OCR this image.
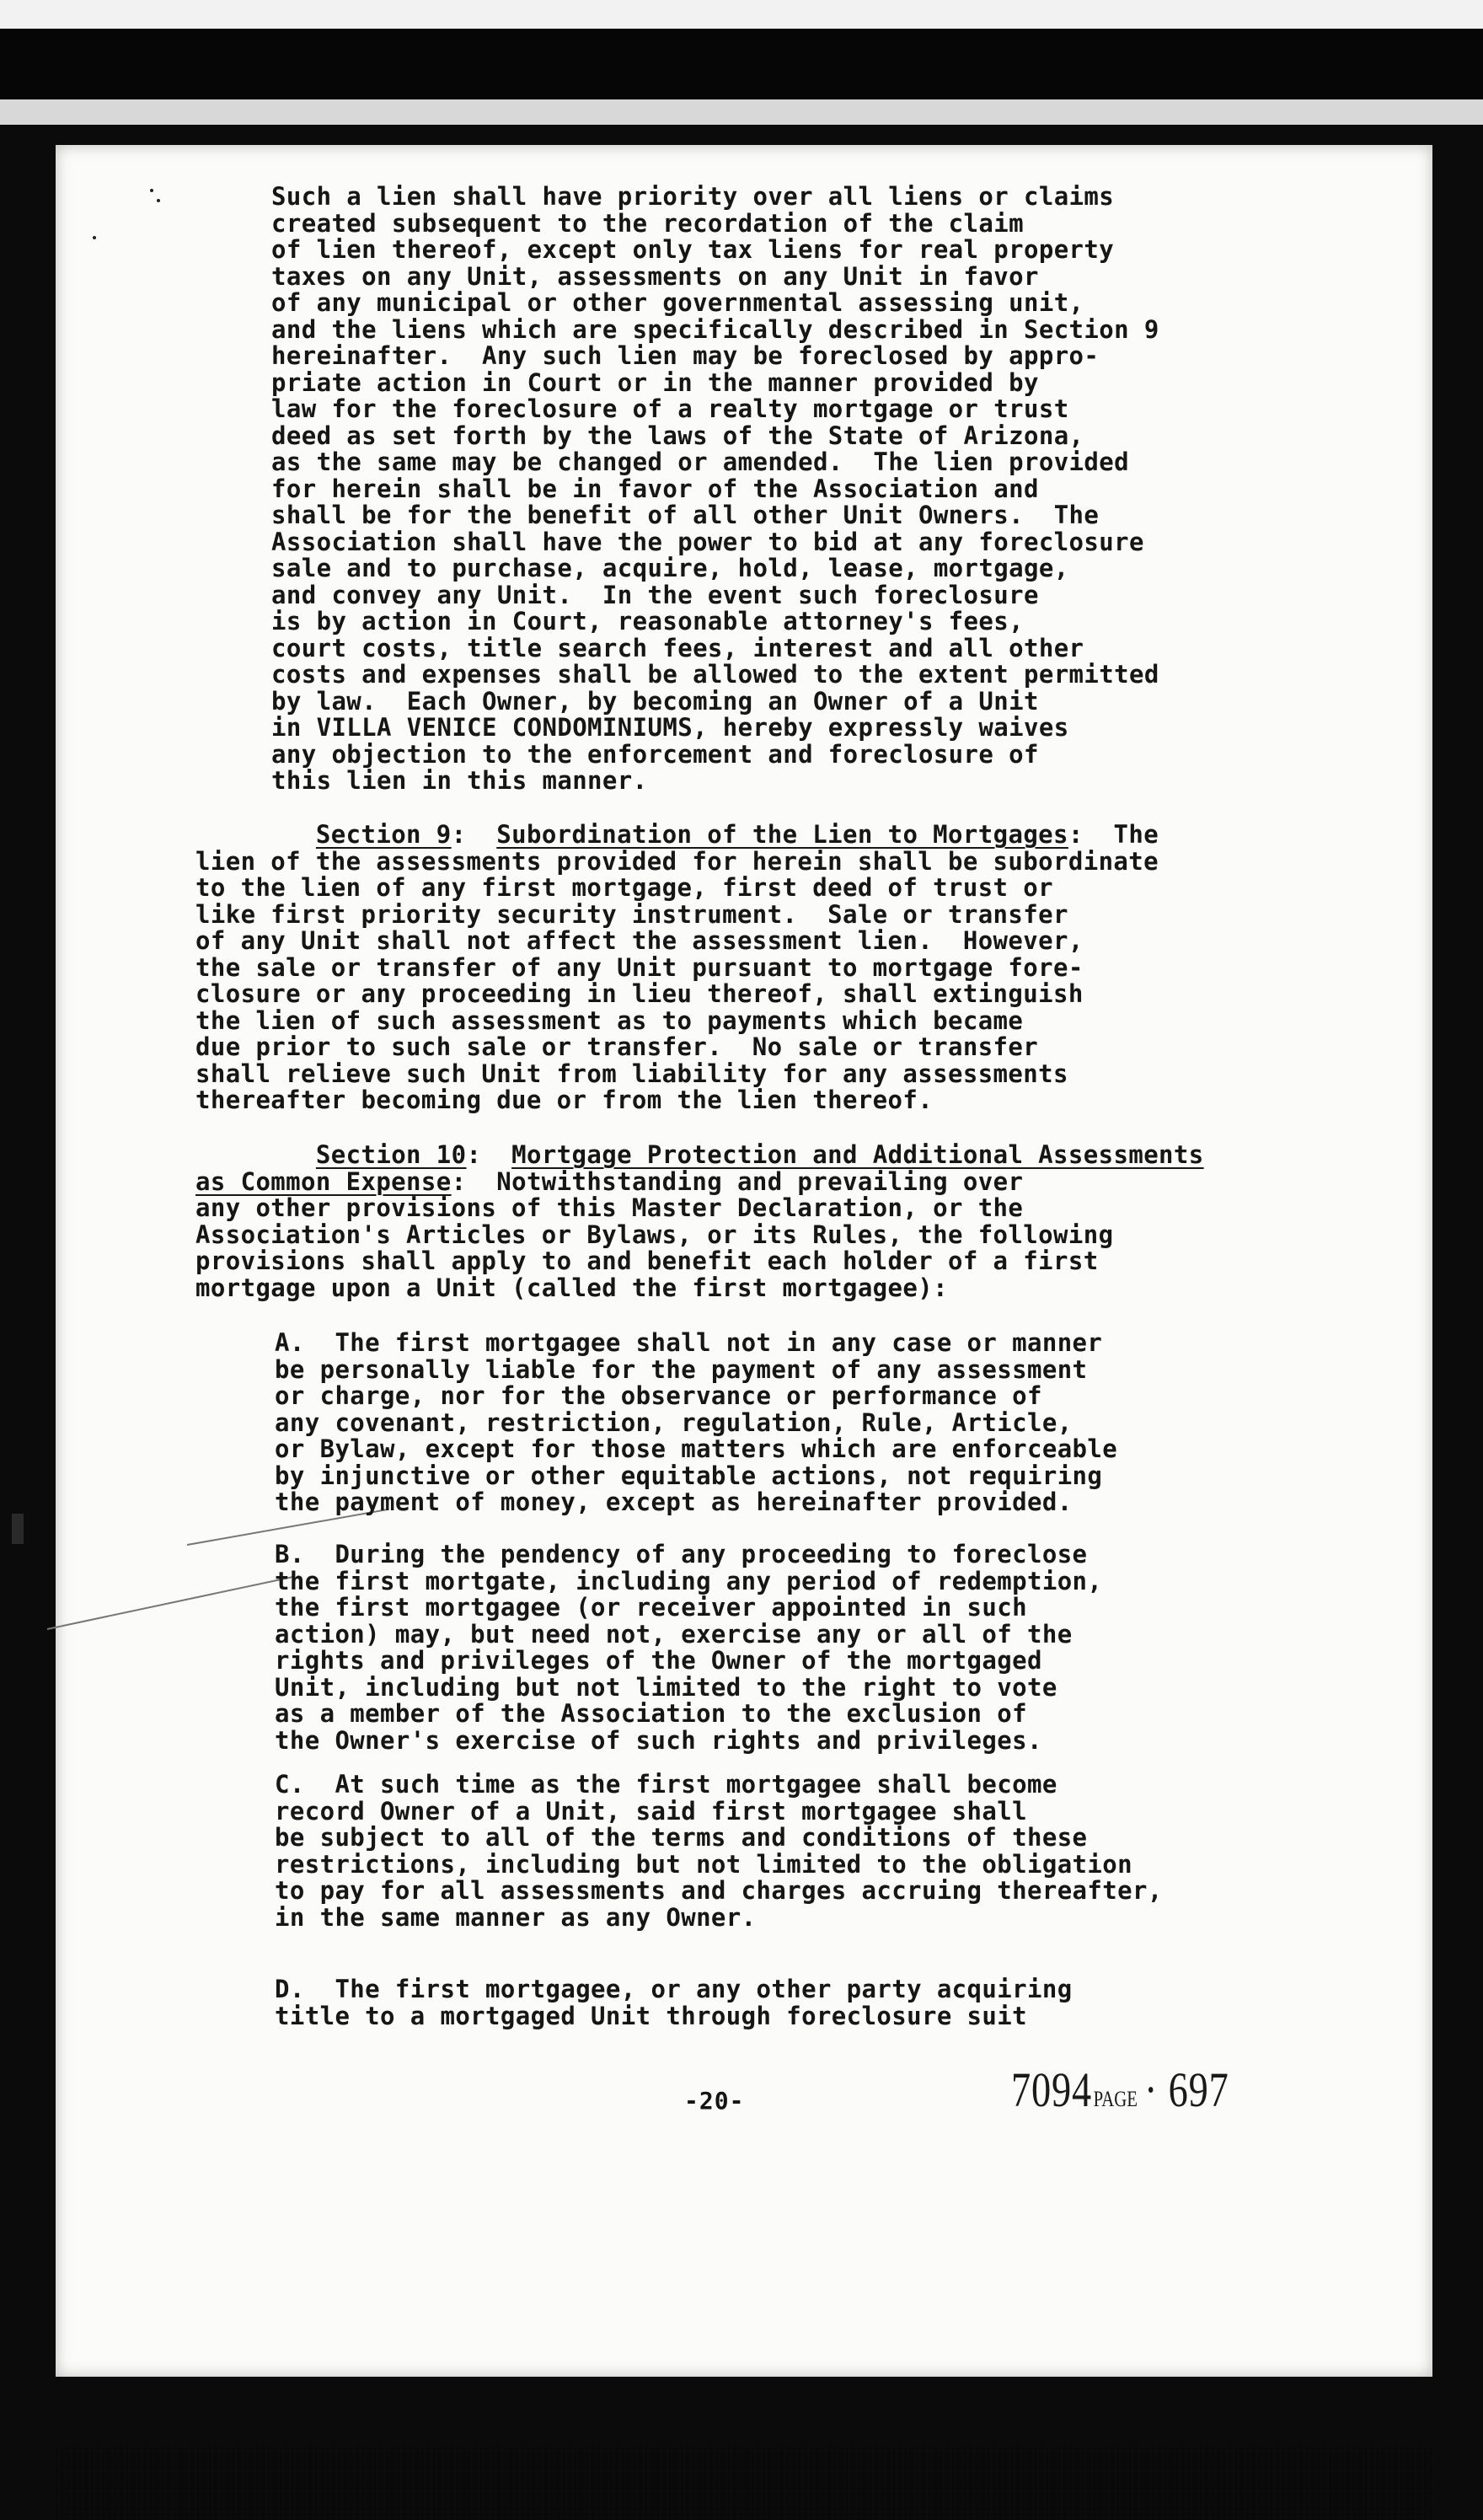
Such a lien shall have priority over all liens or claims
created subsequent to the recordation of the claim
of lien thereof, except only tax liens for real property
taxes on any Unit, assessments on any Unit in favor
of any municipal or other governmental assessing unit,
and the liens which are specifically described in Section 9
hereinafter.  Any such lien may be foreclosed by appro-
priate action in Court or in the manner provided by
law for the foreclosure of a realty mortgage or trust
deed as set forth by the laws of the State of Arizona,
as the same may be changed or amended.  The lien provided
for herein shall be in favor of the Association and
shall be for the benefit of all other Unit Owners.  The
Association shall have the power to bid at any foreclosure
sale and to purchase, acquire, hold, lease, mortgage,
and convey any Unit.  In the event such foreclosure
is by action in Court, reasonable attorney's fees,
court costs, title search fees, interest and all other
costs and expenses shall be allowed to the extent permitted
by law.  Each Owner, by becoming an Owner of a Unit
in VILLA VENICE CONDOMINIUMS, hereby expressly waives
any objection to the enforcement and foreclosure of
this lien in this manner.
Section 9:  Subordination of the Lien to Mortgages:  The
lien of the assessments provided for herein shall be subordinate
to the lien of any first mortgage, first deed of trust or
like first priority security instrument.  Sale or transfer
of any Unit shall not affect the assessment lien.  However,
the sale or transfer of any Unit pursuant to mortgage fore-
closure or any proceeding in lieu thereof, shall extinguish
the lien of such assessment as to payments which became
due prior to such sale or transfer.  No sale or transfer
shall relieve such Unit from liability for any assessments
thereafter becoming due or from the lien thereof.
Section 10:  Mortgage Protection and Additional Assessments
as Common Expense:  Notwithstanding and prevailing over
any other provisions of this Master Declaration, or the
Association's Articles or Bylaws, or its Rules, the following
provisions shall apply to and benefit each holder of a first
mortgage upon a Unit (called the first mortgagee):
A.  The first mortgagee shall not in any case or manner
be personally liable for the payment of any assessment
or charge, nor for the observance or performance of
any covenant, restriction, regulation, Rule, Article,
or Bylaw, except for those matters which are enforceable
by injunctive or other equitable actions, not requiring
the payment of money, except as hereinafter provided.
B.  During the pendency of any proceeding to foreclose
the first mortgate, including any period of redemption,
the first mortgagee (or receiver appointed in such
action) may, but need not, exercise any or all of the
rights and privileges of the Owner of the mortgaged
Unit, including but not limited to the right to vote
as a member of the Association to the exclusion of
the Owner's exercise of such rights and privileges.
C.  At such time as the first mortgagee shall become
record Owner of a Unit, said first mortgagee shall
be subject to all of the terms and conditions of these
restrictions, including but not limited to the obligation
to pay for all assessments and charges accruing thereafter,
in the same manner as any Owner.
D.  The first mortgagee, or any other party acquiring
title to a mortgaged Unit through foreclosure suit
-20-	7094PAGE · 697
